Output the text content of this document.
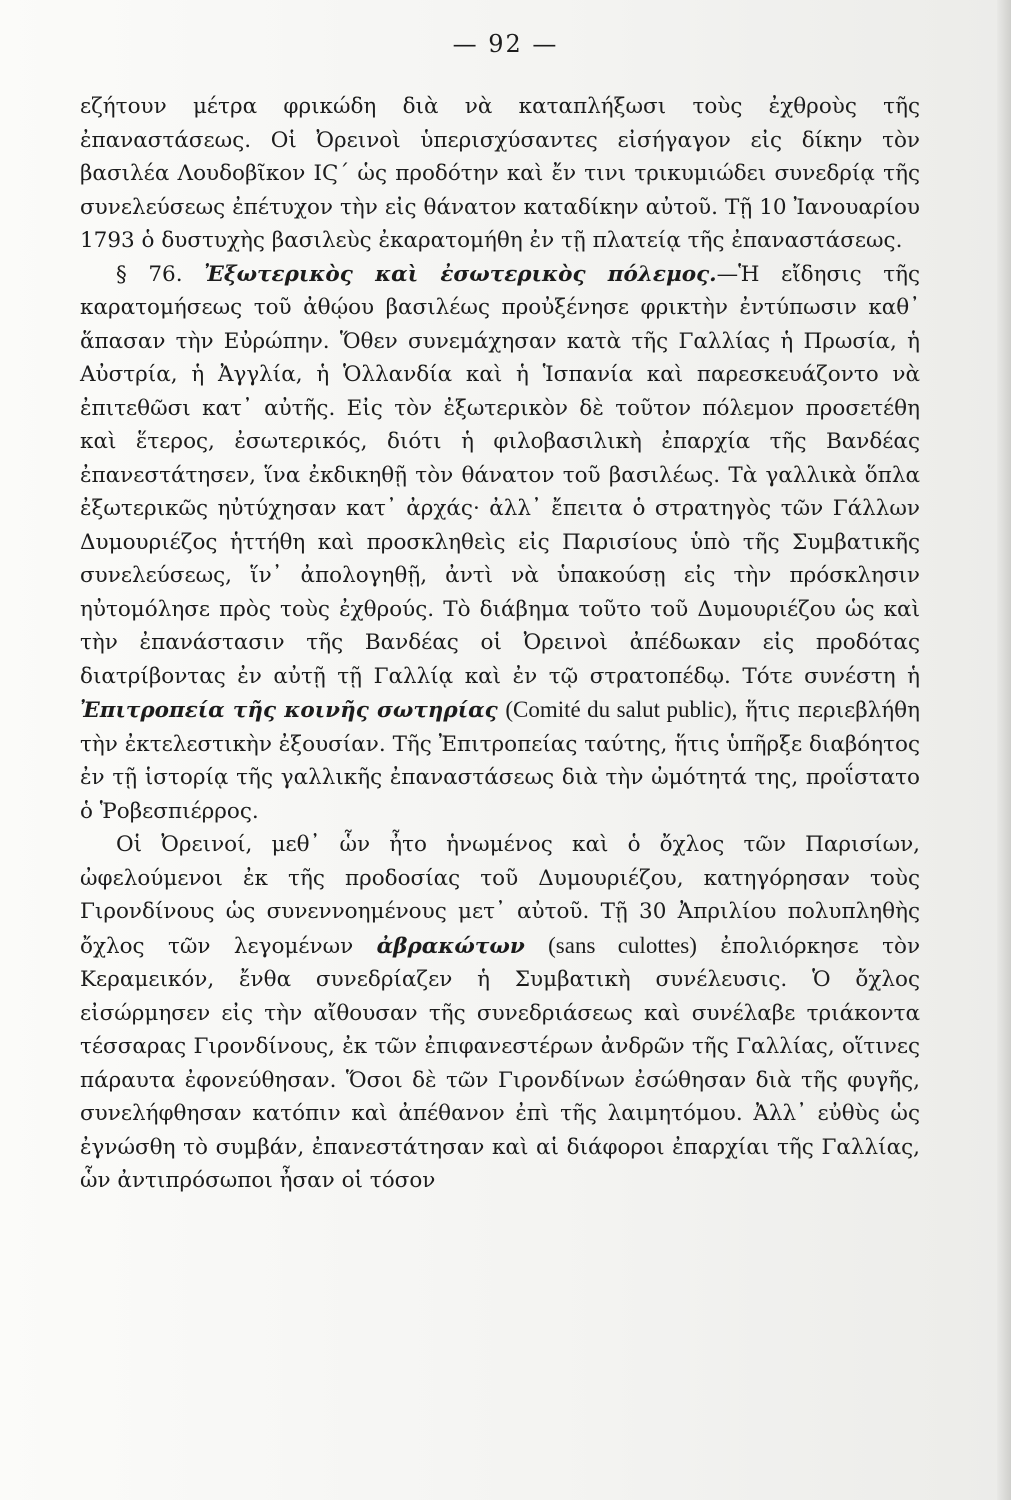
— 92 —

εζήτουν μέτρα φρικώδη διὰ νὰ καταπλήξωσι τοὺς ἐχθροὺς τῆς ἐπαναστάσεως. Οἱ Ὀρεινοὶ ὑπερισχύσαντες εἰσήγαγον εἰς δίκην τὸν βασιλέα Λουδοβῖκον ΙϚ΄ ὡς προδότην καὶ ἔν τινι τρικυμιώδει συνεδρίᾳ τῆς συνελεύσεως ἐπέτυχον τὴν εἰς θάνατον καταδίκην αὐτοῦ. Τῇ 10 Ἰανουαρίου 1793 ὁ δυστυχὴς βασιλεὺς ἐκαρατομήθη ἐν τῇ πλατείᾳ τῆς ἐπαναστάσεως.

§ 76. Ἐξωτερικὸς καὶ ἐσωτερικὸς πόλεμος.—Ἡ εἴδησις τῆς καρατομήσεως τοῦ ἀθῴου βασιλέως προὐξένησε φρικτὴν ἐντύπωσιν καθ᾽ ἅπασαν τὴν Εὐρώπην. Ὅθεν συνεμάχησαν κατὰ τῆς Γαλλίας ἡ Πρωσία, ἡ Αὐστρία, ἡ Ἀγγλία, ἡ Ὁλλανδία καὶ ἡ Ἱσπανία καὶ παρεσκευάζοντο νὰ ἐπιτεθῶσι κατ᾽ αὐτῆς. Εἰς τὸν ἐξωτερικὸν δὲ τοῦτον πόλεμον προσετέθη καὶ ἕτερος, ἐσωτερικός, διότι ἡ φιλοβασιλικὴ ἐπαρχία τῆς Βανδέας ἐπανεστάτησεν, ἵνα ἐκδικηθῇ τὸν θάνατον τοῦ βασιλέως. Τὰ γαλλικὰ ὅπλα ἐξωτερικῶς ηὐτύχησαν κατ᾽ ἀρχάς· ἀλλ᾽ ἔπειτα ὁ στρατηγὸς τῶν Γάλλων Δυμουριέζος ἡττήθη καὶ προσκληθεὶς εἰς Παρισίους ὑπὸ τῆς Συμβατικῆς συνελεύσεως, ἵν᾽ ἀπολογηθῇ, ἀντὶ νὰ ὑπακούσῃ εἰς τὴν πρόσκλησιν ηὐτομόλησε πρὸς τοὺς ἐχθρούς. Τὸ διάβημα τοῦτο τοῦ Δυμουριέζου ὡς καὶ τὴν ἐπανάστασιν τῆς Βανδέας οἱ Ὀρεινοὶ ἀπέδωκαν εἰς προδότας διατρίβοντας ἐν αὐτῇ τῇ Γαλλίᾳ καὶ ἐν τῷ στρατοπέδῳ. Τότε συνέστη ἡ Ἐπιτροπεία τῆς κοινῆς σωτηρίας (Comité du salut public), ἥτις περιεβλήθη τὴν ἐκτελεστικὴν ἐξουσίαν. Τῆς Ἐπιτροπείας ταύτης, ἥτις ὑπῆρξε διαβόητος ἐν τῇ ἱστορίᾳ τῆς γαλλικῆς ἐπαναστάσεως διὰ τὴν ὠμότητά της, προΐστατο ὁ Ῥοβεσπιέρρος.

Οἱ Ὀρεινοί, μεθ᾽ ὧν ἦτο ἡνωμένος καὶ ὁ ὄχλος τῶν Παρισίων, ὠφελούμενοι ἐκ τῆς προδοσίας τοῦ Δυμουριέζου, κατηγόρησαν τοὺς Γιρονδίνους ὡς συνεννοημένους μετ᾽ αὐτοῦ. Τῇ 30 Ἀπριλίου πολυπληθὴς ὄχλος τῶν λεγομένων ἀβρακώτων (sans culottes) ἐπολιόρκησε τὸν Κεραμεικόν, ἔνθα συνεδρίαζεν ἡ Συμβατικὴ συνέλευσις. Ὁ ὄχλος εἰσώρμησεν εἰς τὴν αἴθουσαν τῆς συνεδριάσεως καὶ συνέλαβε τριάκοντα τέσσαρας Γιρονδίνους, ἐκ τῶν ἐπιφανεστέρων ἀνδρῶν τῆς Γαλλίας, οἵτινες πάραυτα ἐφονεύθησαν. Ὅσοι δὲ τῶν Γιρονδίνων ἐσώθησαν διὰ τῆς φυγῆς, συνελήφθησαν κατόπιν καὶ ἀπέθανον ἐπὶ τῆς λαιμητόμου. Ἀλλ᾽ εὐθὺς ὡς ἐγνώσθη τὸ συμβάν, ἐπανεστάτησαν καὶ αἱ διάφοροι ἐπαρχίαι τῆς Γαλλίας, ὧν ἀντιπρόσωποι ἦσαν οἱ τόσον
